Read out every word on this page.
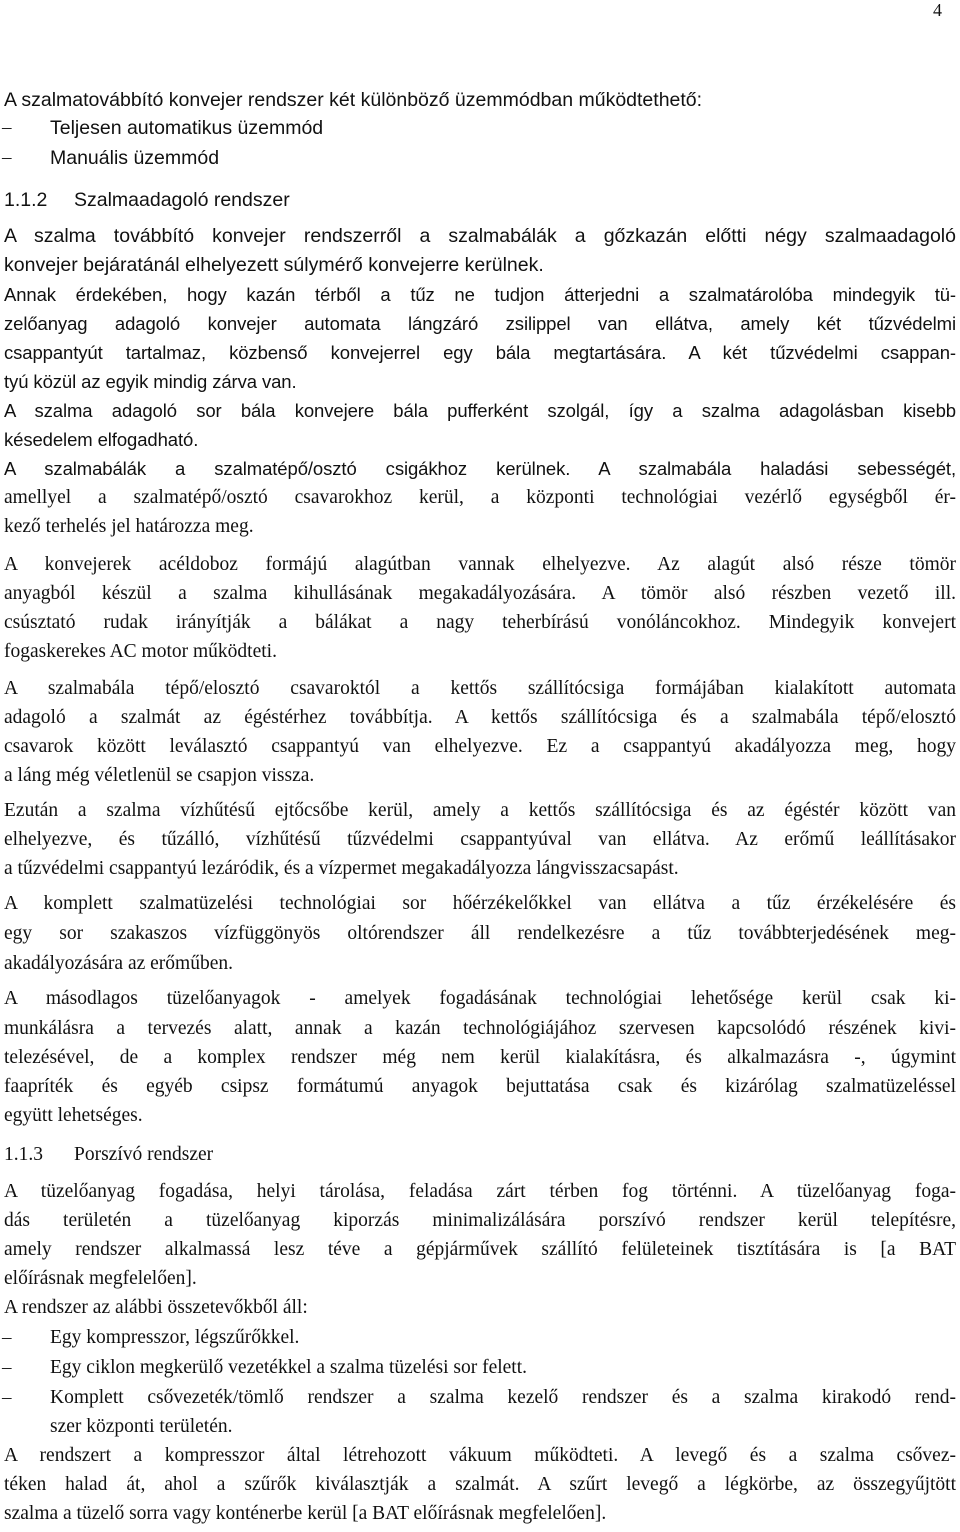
4
A szalmatovábbító konvejer rendszer két különböző üzemmódban működtethető:
– Teljesen automatikus üzemmód
– Manuális üzemmód
1.1.2 Szalmaadagoló rendszer
A szalma továbbító konvejer rendszerről a szalmabálák a gőzkazán előtti négy szalmaadagoló
konvejer bejáratánál elhelyezett súlymérő konvejerre kerülnek.
Annak érdekében, hogy kazán térből a tűz ne tudjon átterjedni a szalmatárolóba mindegyik tü-
zelőanyag adagoló konvejer automata lángzáró zsilippel van ellátva, amely két tűzvédelmi
csappantyút tartalmaz, közbenső konvejerrel egy bála megtartására. A két tűzvédelmi csappan-
tyú közül az egyik mindig zárva van.
A szalma adagoló sor bála konvejere bála pufferként szolgál, így a szalma adagolásban kisebb
késedelem elfogadható.
A szalmabálák a szalmatépő/osztó csigákhoz kerülnek. A szalmabála haladási sebességét,
amellyel a szalmatépő/osztó csavarokhoz kerül, a központi technológiai vezérlő egységből ér-
kező terhelés jel határozza meg.
A konvejerek acéldoboz formájú alagútban vannak elhelyezve. Az alagút alsó része tömör
anyagból készül a szalma kihullásának megakadályozására. A tömör alsó részben vezető ill.
csúsztató rudak irányítják a bálákat a nagy teherbírású vonóláncokhoz. Mindegyik konvejert
fogaskerekes AC motor működteti.
A szalmabála tépő/elosztó csavaroktól a kettős szállítócsiga formájában kialakított automata
adagoló a szalmát az égéstérhez továbbítja. A kettős szállítócsiga és a szalmabála tépő/elosztó
csavarok között leválasztó csappantyú van elhelyezve. Ez a csappantyú akadályozza meg, hogy
a láng még véletlenül se csapjon vissza.
Ezután a szalma vízhűtésű ejtőcsőbe kerül, amely a kettős szállítócsiga és az égéstér között van
elhelyezve, és tűzálló, vízhűtésű tűzvédelmi csappantyúval van ellátva. Az erőmű leállításakor
a tűzvédelmi csappantyú lezáródik, és a vízpermet megakadályozza lángvisszacsapást.
A komplett szalmatüzelési technológiai sor hőérzékelőkkel van ellátva a tűz érzékelésére és
egy sor szakaszos vízfüggönyös oltórendszer áll rendelkezésre a tűz továbbterjedésének meg-
akadályozására az erőműben.
A másodlagos tüzelőanyagok - amelyek fogadásának technológiai lehetősége kerül csak ki-
munkálásra a tervezés alatt, annak a kazán technológiájához szervesen kapcsolódó részének kivi-
telezésével, de a komplex rendszer még nem kerül kialakításra, és alkalmazásra -, úgymint
faapríték és egyéb csipsz formátumú anyagok bejuttatása csak és kizárólag szalmatüzeléssel
együtt lehetséges.
1.1.3 Porszívó rendszer
A tüzelőanyag fogadása, helyi tárolása, feladása zárt térben fog történni. A tüzelőanyag foga-
dás területén a tüzelőanyag kiporzás minimalizálására porszívó rendszer kerül telepítésre,
amely rendszer alkalmassá lesz téve a gépjárművek szállító felületeinek tisztítására is [a BAT
előírásnak megfelelően].
A rendszer az alábbi összetevőkből áll:
– Egy kompresszor, légszűrőkkel.
– Egy ciklon megkerülő vezetékkel a szalma tüzelési sor felett.
– Komplett csővezeték/tömlő rendszer a szalma kezelő rendszer és a szalma kirakodó rend-
szer központi területén.
A rendszert a kompresszor által létrehozott vákuum működteti. A levegő és a szalma csővez-
téken halad át, ahol a szűrők kiválasztják a szalmát. A szűrt levegő a légkörbe, az összegyűjtött
szalma a tüzelő sorra vagy konténerbe kerül [a BAT előírásnak megfelelően].
